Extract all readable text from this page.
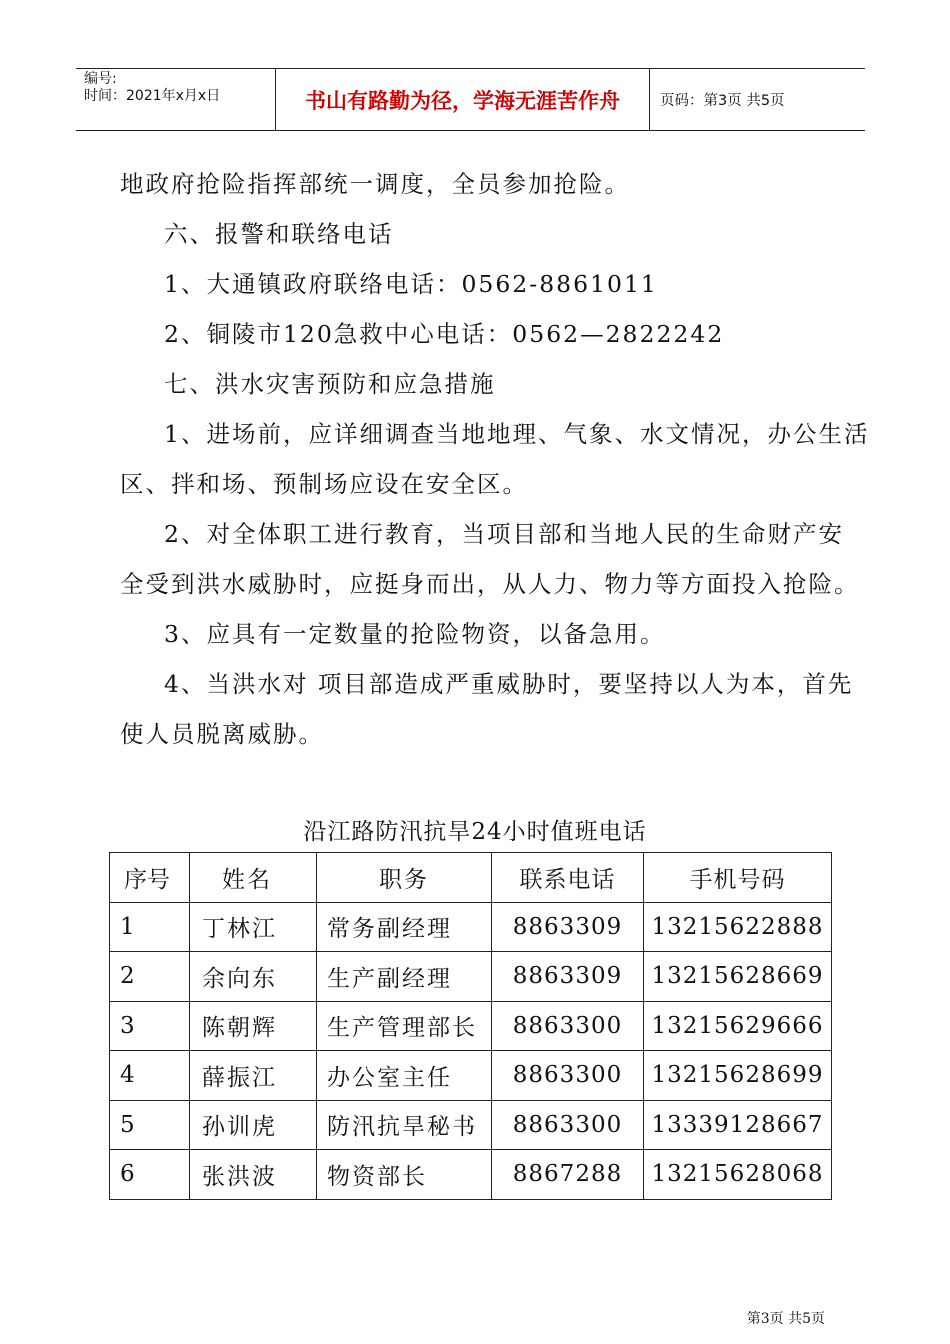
编号:
时间：2021年x月x日	书山有路勤为径，学海无涯苦作舟	页码：第3页 共5页
地政府抢险指挥部统一调度，全员参加抢险。
六、报警和联络电话
1、大通镇政府联络电话：0562-8861011
2、铜陵市120急救中心电话：0562—2822242
七、洪水灾害预防和应急措施
1、进场前，应详细调查当地地理、气象、水文情况，办公生活
区、拌和场、预制场应设在安全区。
2、对全体职工进行教育，当项目部和当地人民的生命财产安
全受到洪水威胁时，应挺身而出，从人力、物力等方面投入抢险。
3、应具有一定数量的抢险物资，以备急用。
4、当洪水对 项目部造成严重威胁时，要坚持以人为本，首先
使人员脱离威胁。
沿江路防汛抗旱24小时值班电话
序号	姓名	职务	联系电话	手机号码
1	丁林江	常务副经理	8863309	13215622888
2	余向东	生产副经理	8863309	13215628669
3	陈朝辉	生产管理部长	8863300	13215629666
4	薛振江	办公室主任	8863300	13215628699
5	孙训虎	防汛抗旱秘书	8863300	13339128667
6	张洪波	物资部长	8867288	13215628068
第3页 共5页
